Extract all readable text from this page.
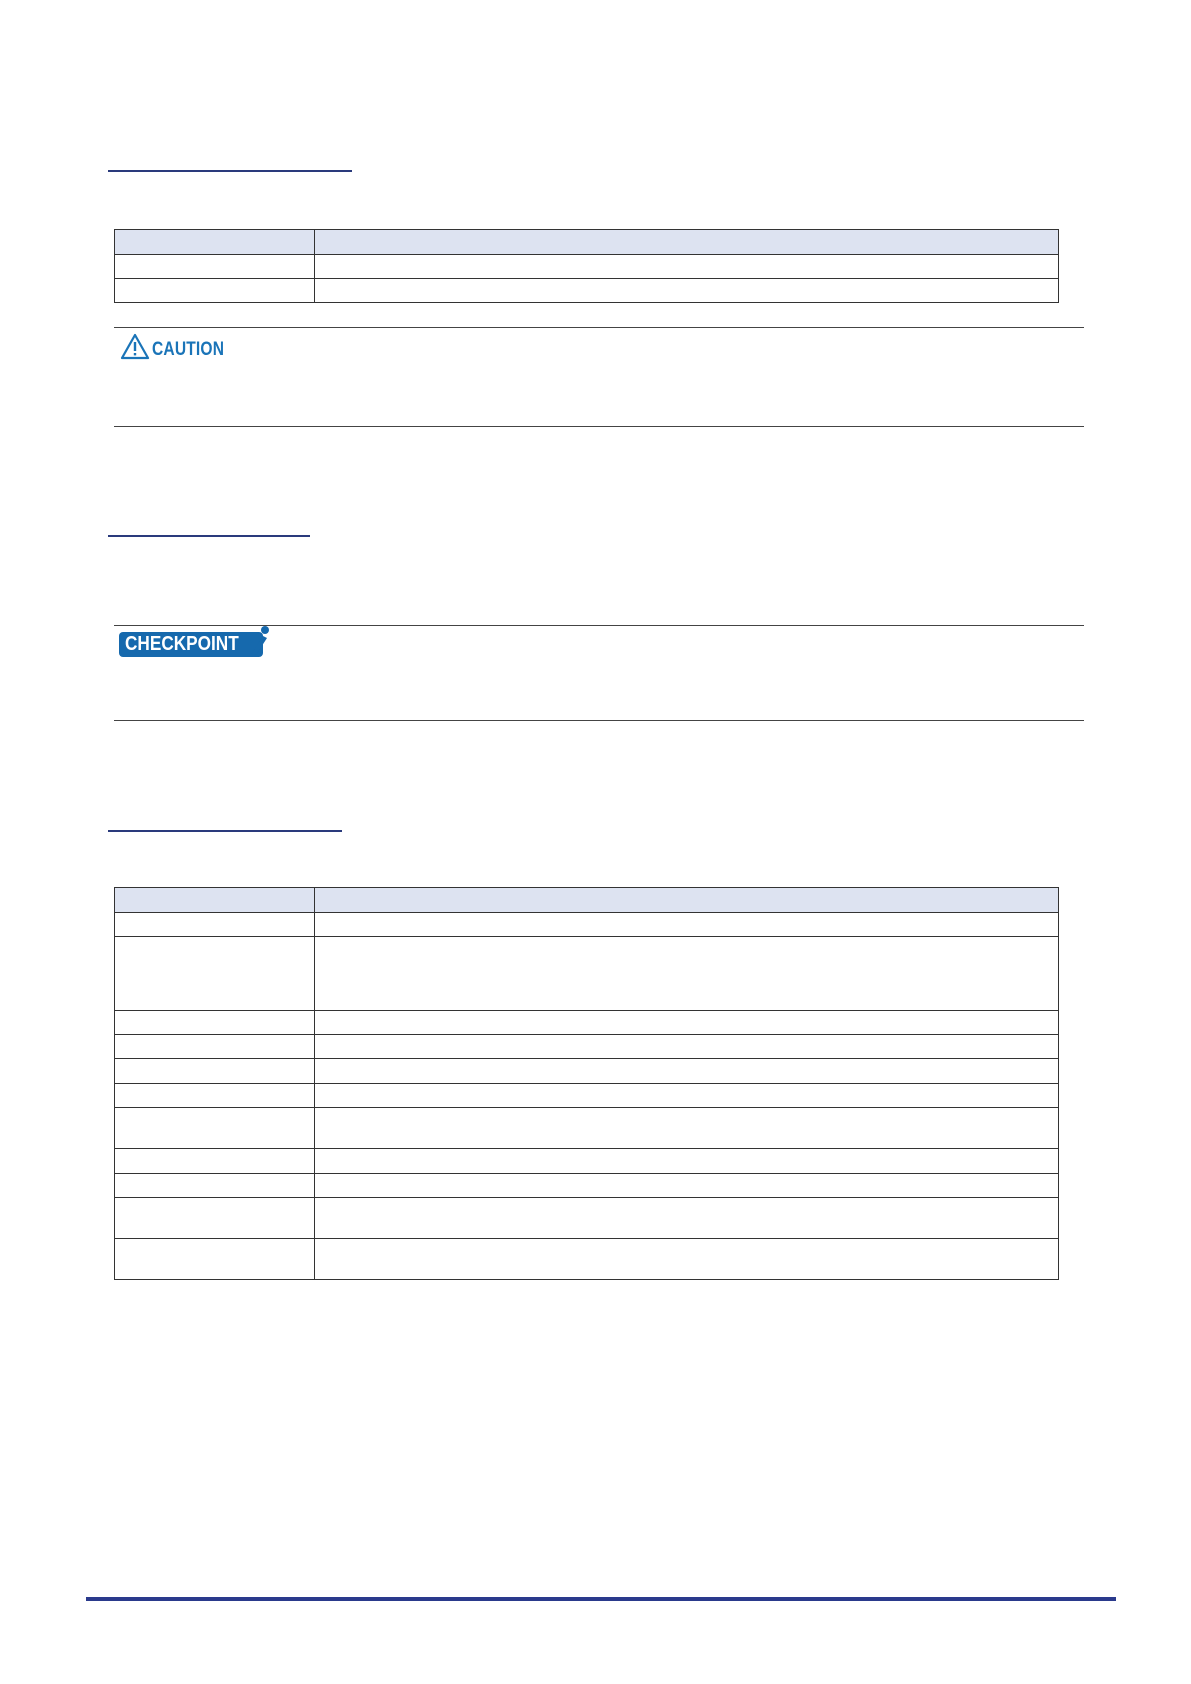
CAUTION
CHECKPOINT
